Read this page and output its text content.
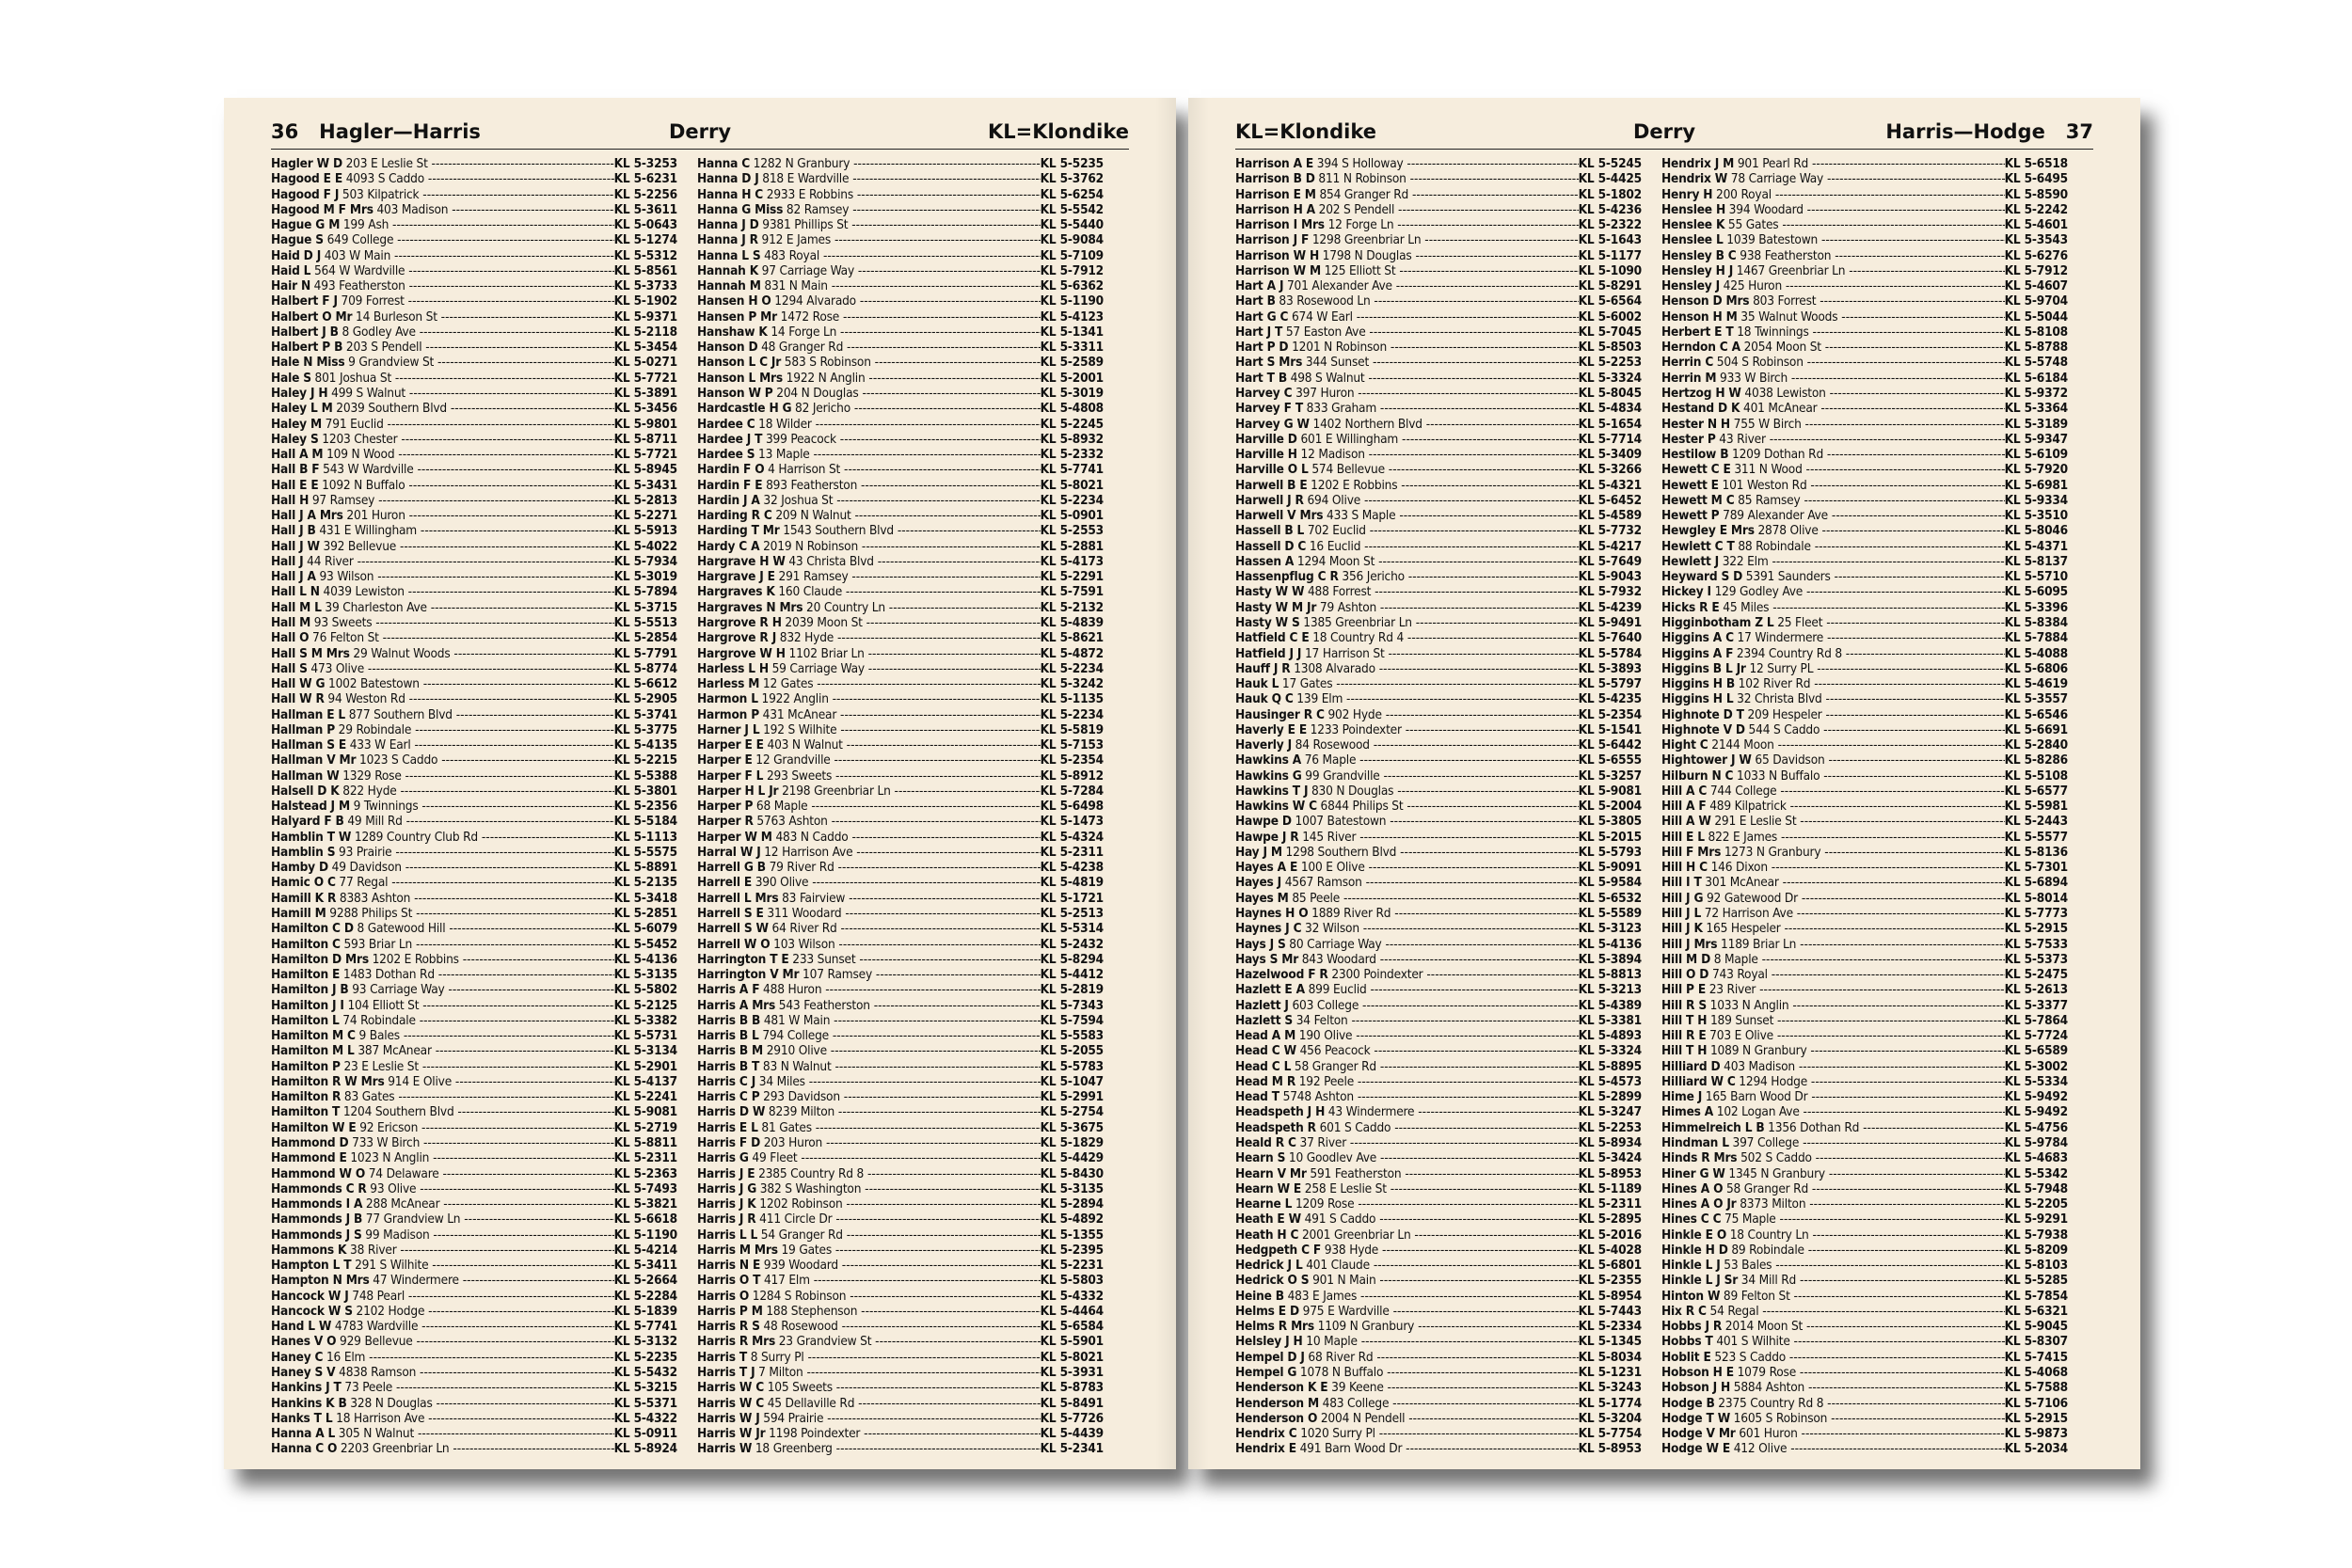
36 Hagler—Harris	Derry	KL=Klondike
Hagler W D 203 E Leslie St -----	KL 5-3253
Hagood E E 4093 S Caddo -----	KL 5-6231
Hagood F J 503 Kilpatrick -----	KL 5-2256
Hagood M F Mrs 403 Madison -----	KL 5-3611
Hague G M 199 Ash -----	KL 5-0643
Hague S 649 College -----	KL 5-1274
Haid D J 403 W Main -----	KL 5-5312
Haid L 564 W Wardville -----	KL 5-8561
Hair N 493 Featherston -----	KL 5-3733
Halbert F J 709 Forrest -----	KL 5-1902
Halbert O Mr 14 Burleson St -----	KL 5-9371
Halbert J B 8 Godley Ave -----	KL 5-2118
Halbert P B 203 S Pendell -----	KL 5-3454
Hale N Miss 9 Grandview St -----	KL 5-0271
Hale S 801 Joshua St -----	KL 5-7721
Haley J H 499 S Walnut -----	KL 5-3891
Haley L M 2039 Southern Blvd -----	KL 5-3456
Haley M 791 Euclid -----	KL 5-9801
Haley S 1203 Chester -----	KL 5-8711
Hall A M 109 N Wood -----	KL 5-7721
Hall B F 543 W Wardville -----	KL 5-8945
Hall E E 1092 N Buffalo -----	KL 5-3431
Hall H 97 Ramsey -----	KL 5-2813
Hall J A Mrs 201 Huron -----	KL 5-2271
Hall J B 431 E Willingham -----	KL 5-5913
Hall J W 392 Bellevue -----	KL 5-4022
Hall J 44 River -----	KL 5-7934
Hall J A 93 Wilson -----	KL 5-3019
Hall L N 4039 Lewiston -----	KL 5-7894
Hall M L 39 Charleston Ave -----	KL 5-3715
Hall M 93 Sweets -----	KL 5-5513
Hall O 76 Felton St -----	KL 5-2854
Hall S M Mrs 29 Walnut Woods -----	KL 5-7791
Hall S 473 Olive -----	KL 5-8774
Hall W G 1002 Batestown -----	KL 5-6612
Hall W R 94 Weston Rd -----	KL 5-2905
Hallman E L 877 Southern Blvd -----	KL 5-3741
Hallman P 29 Robindale -----	KL 5-3775
Hallman S E 433 W Earl -----	KL 5-4135
Hallman V Mr 1023 S Caddo -----	KL 5-2215
Hallman W 1329 Rose -----	KL 5-5388
Halsell D K 822 Hyde -----	KL 5-3801
Halstead J M 9 Twinnings -----	KL 5-2356
Halyard F B 49 Mill Rd -----	KL 5-5184
Hamblin T W 1289 Country Club Rd -----	KL 5-1113
Hamblin S 93 Prairie -----	KL 5-5575
Hamby D 49 Davidson -----	KL 5-8891
Hamic O C 77 Regal -----	KL 5-2135
Hamill K R 8383 Ashton -----	KL 5-3418
Hamill M 9288 Philips St -----	KL 5-2851
Hamilton C D 8 Gatewood Hill -----	KL 5-6079
Hamilton C 593 Briar Ln -----	KL 5-5452
Hamilton D Mrs 1202 E Robbins -----	KL 5-4136
Hamilton E 1483 Dothan Rd -----	KL 5-3135
Hamilton J B 93 Carriage Way -----	KL 5-5802
Hamilton J I 104 Elliott St -----	KL 5-2125
Hamilton L 74 Robindale -----	KL 5-3382
Hamilton M C 9 Bales -----	KL 5-5731
Hamilton M L 387 McAnear -----	KL 5-3134
Hamilton P 23 E Leslie St -----	KL 5-2901
Hamilton R W Mrs 914 E Olive -----	KL 5-4137
Hamilton R 83 Gates -----	KL 5-2241
Hamilton T 1204 Southern Blvd -----	KL 5-9081
Hamilton W E 92 Ericson -----	KL 5-2719
Hammond D 733 W Birch -----	KL 5-8811
Hammond E 1023 N Anglin -----	KL 5-2311
Hammond W O 74 Delaware -----	KL 5-2363
Hammonds C R 93 Olive -----	KL 5-7493
Hammonds I A 288 McAnear -----	KL 5-3821
Hammonds J B 77 Grandview Ln -----	KL 5-6618
Hammonds J S 99 Madison -----	KL 5-1190
Hammons K 38 River -----	KL 5-4214
Hampton L T 291 S Wilhite -----	KL 5-3411
Hampton N Mrs 47 Windermere -----	KL 5-2664
Hancock W J 748 Pearl -----	KL 5-2284
Hancock W S 2102 Hodge -----	KL 5-1839
Hand L W 4783 Wardville -----	KL 5-7741
Hanes V O 929 Bellevue -----	KL 5-3132
Haney C 16 Elm -----	KL 5-2235
Haney S V 4838 Ramson -----	KL 5-5432
Hankins J T 73 Peele -----	KL 5-3215
Hankins K B 328 N Douglas -----	KL 5-5371
Hanks T L 18 Harrison Ave -----	KL 5-4322
Hanna A L 305 N Walnut -----	KL 5-0911
Hanna C O 2203 Greenbriar Ln -----	KL 5-8924
Hanna C 1282 N Granbury -----	KL 5-5235
Hanna D J 818 E Wardville -----	KL 5-3762
Hanna H C 2933 E Robbins -----	KL 5-6254
Hanna G Miss 82 Ramsey -----	KL 5-5542
Hanna J D 9381 Phillips St -----	KL 5-5440
Hanna J R 912 E James -----	KL 5-9084
Hanna L S 483 Royal -----	KL 5-7109
Hannah K 97 Carriage Way -----	KL 5-7912
Hannah M 831 N Main -----	KL 5-6362
Hansen H O 1294 Alvarado -----	KL 5-1190
Hansen P Mr 1472 Rose -----	KL 5-4123
Hanshaw K 14 Forge Ln -----	KL 5-1341
Hanson D 48 Granger Rd -----	KL 5-3311
Hanson L C Jr 583 S Robinson -----	KL 5-2589
Hanson L Mrs 1922 N Anglin -----	KL 5-2001
Hanson W P 204 N Douglas -----	KL 5-3019
Hardcastle H G 82 Jericho -----	KL 5-4808
Hardee C 18 Wilder -----	KL 5-2245
Hardee J T 399 Peacock -----	KL 5-8932
Hardee S 13 Maple -----	KL 5-2332
Hardin F O 4 Harrison St -----	KL 5-7741
Hardin F E 893 Featherston -----	KL 5-8021
Hardin J A 32 Joshua St -----	KL 5-2234
Harding R C 209 N Walnut -----	KL 5-0901
Harding T Mr 1543 Southern Blvd -----	KL 5-2553
Hardy C A 2019 N Robinson -----	KL 5-2881
Hargrave H W 43 Christa Blvd -----	KL 5-4173
Hargrave J E 291 Ramsey -----	KL 5-2291
Hargraves K 160 Claude -----	KL 5-7591
Hargraves N Mrs 20 Country Ln -----	KL 5-2132
Hargrove R H 2039 Moon St -----	KL 5-4839
Hargrove R J 832 Hyde -----	KL 5-8621
Hargrove W H 1102 Briar Ln -----	KL 5-4872
Harless L H 59 Carriage Way -----	KL 5-2234
Harless M 12 Gates -----	KL 5-3242
Harmon L 1922 Anglin -----	KL 5-1135
Harmon P 431 McAnear -----	KL 5-2234
Harner J L 192 S Wilhite -----	KL 5-5819
Harper E E 403 N Walnut -----	KL 5-7153
Harper E 12 Grandville -----	KL 5-2354
Harper F L 293 Sweets -----	KL 5-8912
Harper H L Jr 2198 Greenbriar Ln -----	KL 5-7284
Harper P 68 Maple -----	KL 5-6498
Harper R 5763 Ashton -----	KL 5-1473
Harper W M 483 N Caddo -----	KL 5-4324
Harral W J 12 Harrison Ave -----	KL 5-2311
Harrell G B 79 River Rd -----	KL 5-4238
Harrell E 390 Olive -----	KL 5-4819
Harrell L Mrs 83 Fairview -----	KL 5-1721
Harrell S E 311 Woodard -----	KL 5-2513
Harrell S W 64 River Rd -----	KL 5-5314
Harrell W O 103 Wilson -----	KL 5-2432
Harrington T E 233 Sunset -----	KL 5-8294
Harrington V Mr 107 Ramsey -----	KL 5-4412
Harris A F 488 Huron -----	KL 5-2819
Harris A Mrs 543 Featherston -----	KL 5-7343
Harris B B 481 W Main -----	KL 5-7594
Harris B L 794 College -----	KL 5-5583
Harris B M 2910 Olive -----	KL 5-2055
Harris B T 83 N Walnut -----	KL 5-5783
Harris C J 34 Miles -----	KL 5-1047
Harris C P 293 Davidson -----	KL 5-2991
Harris D W 8239 Milton -----	KL 5-2754
Harris E L 81 Gates -----	KL 5-3675
Harris F D 203 Huron -----	KL 5-1829
Harris G 49 Fleet -----	KL 5-4429
Harris J E 2385 Country Rd 8 -----	KL 5-8430
Harris J G 382 S Washington -----	KL 5-3135
Harris J K 1202 Robinson -----	KL 5-2894
Harris J R 411 Circle Dr -----	KL 5-4892
Harris L L 54 Granger Rd -----	KL 5-1355
Harris M Mrs 19 Gates -----	KL 5-2395
Harris N E 939 Woodard -----	KL 5-2231
Harris O T 417 Elm -----	KL 5-5803
Harris O 1284 S Robinson -----	KL 5-4332
Harris P M 188 Stephenson -----	KL 5-4464
Harris R S 48 Rosewood -----	KL 5-6584
Harris R Mrs 23 Grandview St -----	KL 5-5901
Harris T 8 Surry Pl -----	KL 5-8021
Harris T J 7 Milton -----	KL 5-3931
Harris W C 105 Sweets -----	KL 5-8783
Harris W C 45 Dellaville Rd -----	KL 5-8491
Harris W J 594 Prairie -----	KL 5-7726
Harris W Jr 1198 Poindexter -----	KL 5-4439
Harris W 18 Greenberg -----	KL 5-2341
KL=Klondike	Derry	Harris—Hodge 37
Harrison A E 394 S Holloway -----	KL 5-5245
Harrison B D 811 N Robinson -----	KL 5-4425
Harrison E M 854 Granger Rd -----	KL 5-1802
Harrison H A 202 S Pendell -----	KL 5-4236
Harrison I Mrs 12 Forge Ln -----	KL 5-2322
Harrison J F 1298 Greenbriar Ln -----	KL 5-1643
Harrison W H 1798 N Douglas -----	KL 5-1177
Harrison W M 125 Elliott St -----	KL 5-1090
Hart A J 701 Alexander Ave -----	KL 5-8291
Hart B 83 Rosewood Ln -----	KL 5-6564
Hart G C 674 W Earl -----	KL 5-6002
Hart J T 57 Easton Ave -----	KL 5-7045
Hart P D 1201 N Robinson -----	KL 5-8503
Hart S Mrs 344 Sunset -----	KL 5-2253
Hart T B 498 S Walnut -----	KL 5-3324
Harvey C 397 Huron -----	KL 5-8045
Harvey F T 833 Graham -----	KL 5-4834
Harvey G W 1402 Northern Blvd -----	KL 5-1654
Harville D 601 E Willingham -----	KL 5-7714
Harville H 12 Madison -----	KL 5-3409
Harville O L 574 Bellevue -----	KL 5-3266
Harwell B E 1202 E Robbins -----	KL 5-4321
Harwell J R 694 Olive -----	KL 5-6452
Harwell V Mrs 433 S Maple -----	KL 5-4589
Hassell B L 702 Euclid -----	KL 5-7732
Hassell D C 16 Euclid -----	KL 5-4217
Hassen A 1294 Moon St -----	KL 5-7649
Hassenpflug C R 356 Jericho -----	KL 5-9043
Hasty W W 488 Forrest -----	KL 5-7932
Hasty W M Jr 79 Ashton -----	KL 5-4239
Hasty W S 1385 Greenbriar Ln -----	KL 5-9491
Hatfield C E 18 Country Rd 4 -----	KL 5-7640
Hatfield J J 17 Harrison St -----	KL 5-5784
Hauff J R 1308 Alvarado -----	KL 5-3893
Hauk L 17 Gates -----	KL 5-5797
Hauk Q C 139 Elm -----	KL 5-4235
Hausinger R C 902 Hyde -----	KL 5-2354
Haverly E E 1233 Poindexter -----	KL 5-1541
Haverly J 84 Rosewood -----	KL 5-6442
Hawkins A 76 Maple -----	KL 5-6555
Hawkins G 99 Grandville -----	KL 5-3257
Hawkins T J 830 N Douglas -----	KL 5-9081
Hawkins W C 6844 Philips St -----	KL 5-2004
Hawpe D 1007 Batestown -----	KL 5-3805
Hawpe J R 145 River -----	KL 5-2015
Hay J M 1298 Southern Blvd -----	KL 5-5793
Hayes A E 100 E Olive -----	KL 5-9091
Hayes J 4567 Ramson -----	KL 5-9584
Hayes M 85 Peele -----	KL 5-6532
Haynes H O 1889 River Rd -----	KL 5-5589
Haynes J C 32 Wilson -----	KL 5-3123
Hays J S 80 Carriage Way -----	KL 5-4136
Hays S Mr 843 Woodard -----	KL 5-3894
Hazelwood F R 2300 Poindexter -----	KL 5-8813
Hazlett E A 899 Euclid -----	KL 5-3213
Hazlett J 603 College -----	KL 5-4389
Hazlett S 34 Felton -----	KL 5-3381
Head A M 190 Olive -----	KL 5-4893
Head C W 456 Peacock -----	KL 5-3324
Head C L 58 Granger Rd -----	KL 5-8895
Head M R 192 Peele -----	KL 5-4573
Head T 5748 Ashton -----	KL 5-2899
Headspeth J H 43 Windermere -----	KL 5-3247
Headspeth R 601 S Caddo -----	KL 5-2253
Heald R C 37 River -----	KL 5-8934
Hearn S 10 Goodlev Ave -----	KL 5-3424
Hearn V Mr 591 Featherston -----	KL 5-8953
Hearn W E 258 E Leslie St -----	KL 5-1189
Hearne L 1209 Rose -----	KL 5-2311
Heath E W 491 S Caddo -----	KL 5-2895
Heath H C 2001 Greenbriar Ln -----	KL 5-2016
Hedgpeth C F 938 Hyde -----	KL 5-4028
Hedrick J L 401 Claude -----	KL 5-6801
Hedrick O S 901 N Main -----	KL 5-2355
Heine B 483 E James -----	KL 5-8954
Helms E D 975 E Wardville -----	KL 5-7443
Helms R Mrs 1109 N Granbury -----	KL 5-2334
Helsley J H 10 Maple -----	KL 5-1345
Hempel D J 68 River Rd -----	KL 5-8034
Hempel G 1078 N Buffalo -----	KL 5-1231
Henderson K E 39 Keene -----	KL 5-3243
Henderson M 483 College -----	KL 5-1774
Henderson O 2004 N Pendell -----	KL 5-3204
Hendrix C 1020 Surry Pl -----	KL 5-7754
Hendrix E 491 Barn Wood Dr -----	KL 5-8953
Hendrix J M 901 Pearl Rd -----	KL 5-6518
Hendrix W 78 Carriage Way -----	KL 5-6495
Henry H 200 Royal -----	KL 5-8590
Henslee H 394 Woodard -----	KL 5-2242
Henslee K 55 Gates -----	KL 5-4601
Henslee L 1039 Batestown -----	KL 5-3543
Hensley B C 938 Featherston -----	KL 5-6276
Hensley H J 1467 Greenbriar Ln -----	KL 5-7912
Hensley J 425 Huron -----	KL 5-4607
Henson D Mrs 803 Forrest -----	KL 5-9704
Henson H M 35 Walnut Woods -----	KL 5-5044
Herbert E T 18 Twinnings -----	KL 5-8108
Herndon C A 2054 Moon St -----	KL 5-8788
Herrin C 504 S Robinson -----	KL 5-5748
Herrin M 933 W Birch -----	KL 5-6184
Hertzog H W 4038 Lewiston -----	KL 5-9372
Hestand D K 401 McAnear -----	KL 5-3364
Hester N H 755 W Birch -----	KL 5-3189
Hester P 43 River -----	KL 5-9347
Hestilow B 1209 Dothan Rd -----	KL 5-6109
Hewett C E 311 N Wood -----	KL 5-7920
Hewett E 101 Weston Rd -----	KL 5-6981
Hewett M C 85 Ramsey -----	KL 5-9334
Hewett P 789 Alexander Ave -----	KL 5-3510
Hewgley E Mrs 2878 Olive -----	KL 5-8046
Hewlett C T 88 Robindale -----	KL 5-4371
Hewlett J 322 Elm -----	KL 5-8137
Heyward S D 5391 Saunders -----	KL 5-5710
Hickey I 129 Godley Ave -----	KL 5-6095
Hicks R E 45 Miles -----	KL 5-3396
Higginbotham Z L 25 Fleet -----	KL 5-8384
Higgins A C 17 Windermere -----	KL 5-7884
Higgins A F 2394 Country Rd 8 -----	KL 5-4088
Higgins B L Jr 12 Surry PL -----	KL 5-6806
Higgins H B 102 River Rd -----	KL 5-4619
Higgins H L 32 Christa Blvd -----	KL 5-3557
Highnote D T 209 Hespeler -----	KL 5-6546
Highnote V D 544 S Caddo -----	KL 5-6691
Hight C 2144 Moon -----	KL 5-2840
Hightower J W 65 Davidson -----	KL 5-8286
Hilburn N C 1033 N Buffalo -----	KL 5-5108
Hill A C 744 College -----	KL 5-6577
Hill A F 489 Kilpatrick -----	KL 5-5981
Hill A W 291 E Leslie St -----	KL 5-2443
Hill E L 822 E James -----	KL 5-5577
Hill F Mrs 1273 N Granbury -----	KL 5-8136
Hill H C 146 Dixon -----	KL 5-7301
Hill I T 301 McAnear -----	KL 5-6894
Hill J G 92 Gatewood Dr -----	KL 5-8014
Hill J L 72 Harrison Ave -----	KL 5-7773
Hill J K 165 Hespeler -----	KL 5-2915
Hill J Mrs 1189 Briar Ln -----	KL 5-7533
Hill M D 8 Maple -----	KL 5-5373
Hill O D 743 Royal -----	KL 5-2475
Hill P E 23 River -----	KL 5-2613
Hill R S 1033 N Anglin -----	KL 5-3377
Hill T H 189 Sunset -----	KL 5-7864
Hill R E 703 E Olive -----	KL 5-7724
Hill T H 1089 N Granbury -----	KL 5-6589
Hilliard D 403 Madison -----	KL 5-3002
Hilliard W C 1294 Hodge -----	KL 5-5334
Hime J 165 Barn Wood Dr -----	KL 5-9492
Himes A 102 Logan Ave -----	KL 5-9492
Himmelreich L B 1356 Dothan Rd -----	KL 5-4756
Hindman L 397 College -----	KL 5-9784
Hinds R Mrs 502 S Caddo -----	KL 5-4683
Hiner G W 1345 N Granbury -----	KL 5-5342
Hines A O 58 Granger Rd -----	KL 5-7948
Hines A O Jr 8373 Milton -----	KL 5-2205
Hines C C 75 Maple -----	KL 5-9291
Hinkle E O 18 Country Ln -----	KL 5-7938
Hinkle H D 89 Robindale -----	KL 5-8209
Hinkle L J 53 Bales -----	KL 5-8103
Hinkle L J Sr 34 Mill Rd -----	KL 5-5285
Hinton W 89 Felton St -----	KL 5-7854
Hix R C 54 Regal -----	KL 5-6321
Hobbs J R 2014 Moon St -----	KL 5-9045
Hobbs T 401 S Wilhite -----	KL 5-8307
Hoblit E 523 S Caddo -----	KL 5-7415
Hobson H E 1079 Rose -----	KL 5-4068
Hobson J H 5884 Ashton -----	KL 5-7588
Hodge B 2375 Country Rd 8 -----	KL 5-7106
Hodge T W 1605 S Robinson -----	KL 5-2915
Hodge V Mr 601 Huron -----	KL 5-9873
Hodge W E 412 Olive -----	KL 5-2034
